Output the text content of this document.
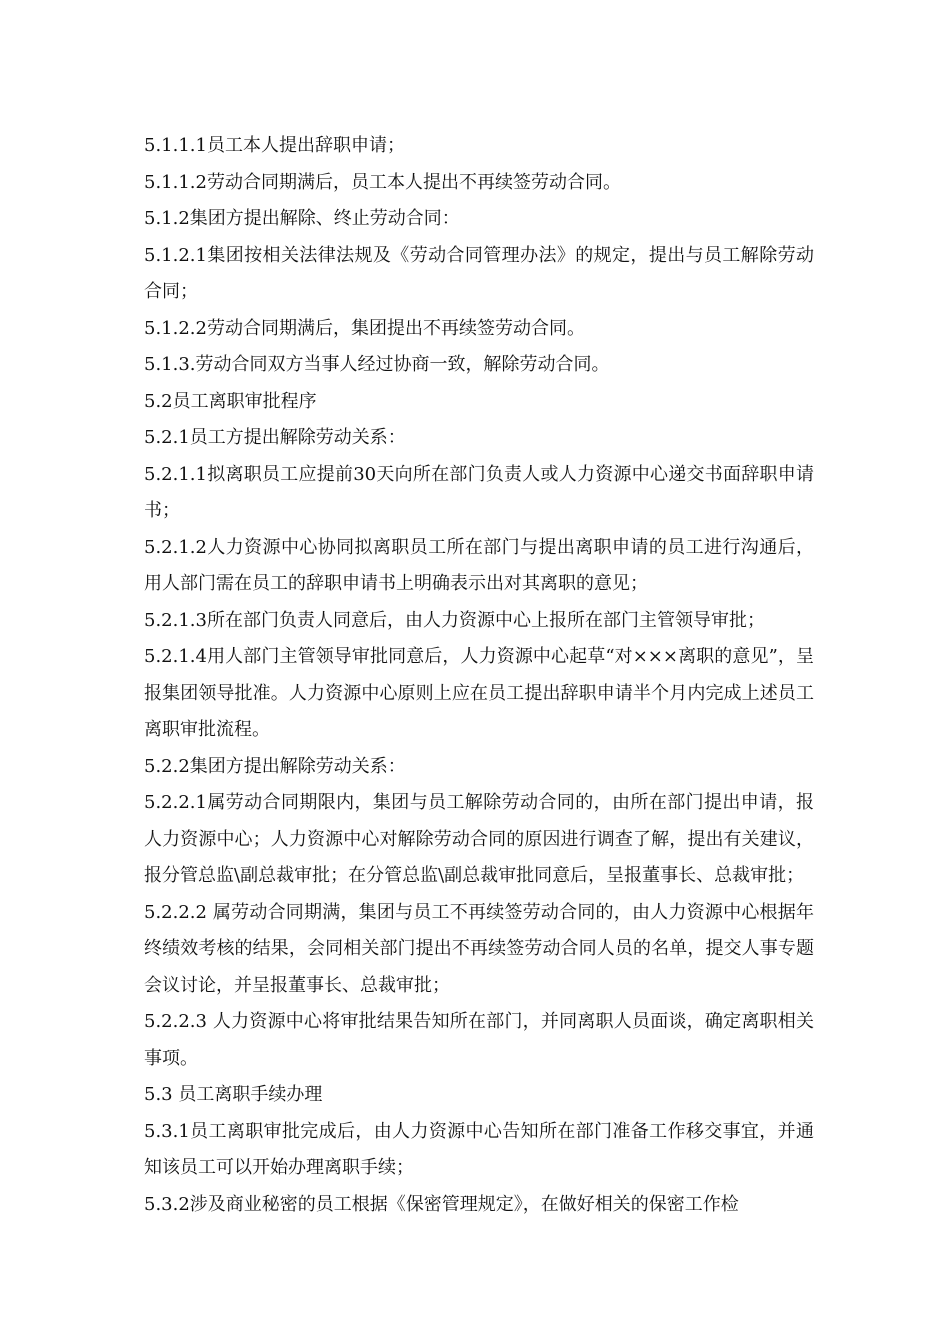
5.1.1.1员工本人提出辞职申请；

5.1.1.2劳动合同期满后，员工本人提出不再续签劳动合同。

5.1.2集团方提出解除、终止劳动合同：

5.1.2.1集团按相关法律法规及《劳动合同管理办法》的规定，提出与员工解除劳动合同；

5.1.2.2劳动合同期满后，集团提出不再续签劳动合同。

5.1.3.劳动合同双方当事人经过协商一致，解除劳动合同。

5.2员工离职审批程序

5.2.1员工方提出解除劳动关系：

5.2.1.1拟离职员工应提前30天向所在部门负责人或人力资源中心递交书面辞职申请书；

5.2.1.2人力资源中心协同拟离职员工所在部门与提出离职申请的员工进行沟通后，用人部门需在员工的辞职申请书上明确表示出对其离职的意见；

5.2.1.3所在部门负责人同意后，由人力资源中心上报所在部门主管领导审批；

5.2.1.4用人部门主管领导审批同意后，人力资源中心起草“对×××离职的意见”，呈报集团领导批准。人力资源中心原则上应在员工提出辞职申请半个月内完成上述员工离职审批流程。

5.2.2集团方提出解除劳动关系：

5.2.2.1属劳动合同期限内，集团与员工解除劳动合同的，由所在部门提出申请，报人力资源中心；人力资源中心对解除劳动合同的原因进行调查了解，提出有关建议，报分管总监\副总裁审批；在分管总监\副总裁审批同意后，呈报董事长、总裁审批；

5.2.2.2 属劳动合同期满，集团与员工不再续签劳动合同的，由人力资源中心根据年终绩效考核的结果，会同相关部门提出不再续签劳动合同人员的名单，提交人事专题会议讨论，并呈报董事长、总裁审批；

5.2.2.3 人力资源中心将审批结果告知所在部门，并同离职人员面谈，确定离职相关事项。

5.3 员工离职手续办理

5.3.1员工离职审批完成后，由人力资源中心告知所在部门准备工作移交事宜，并通知该员工可以开始办理离职手续；

5.3.2涉及商业秘密的员工根据《保密管理规定》，在做好相关的保密工作检
